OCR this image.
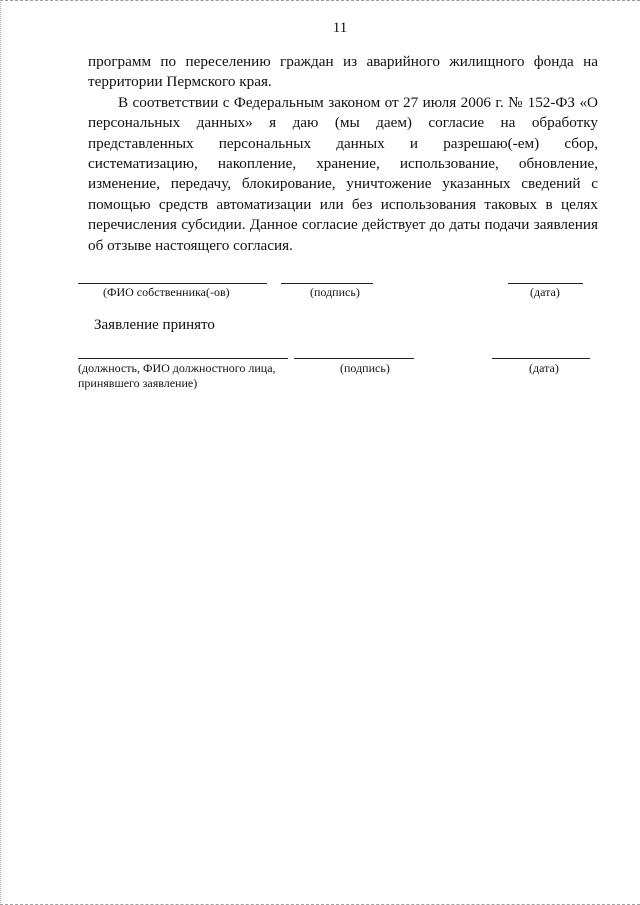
11

программ по переселению граждан из аварийного жилищного фонда на территории Пермского края.

В соответствии с Федеральным законом от 27 июля 2006 г. № 152-ФЗ «О персональных данных» я даю (мы даем) согласие на обработку представленных персональных данных и разрешаю(-ем) сбор, систематизацию, накопление, хранение, использование, обновление, изменение, передачу, блокирование, уничтожение указанных сведений с помощью средств автоматизации или без использования таковых в целях перечисления субсидии. Данное согласие действует до даты подачи заявления об отзыве настоящего согласия.

(ФИО собственника(-ов)	(подпись)	(дата)
Заявление принято
(должность, ФИО должностного лица, принявшего заявление)
(подпись)	(дата)
